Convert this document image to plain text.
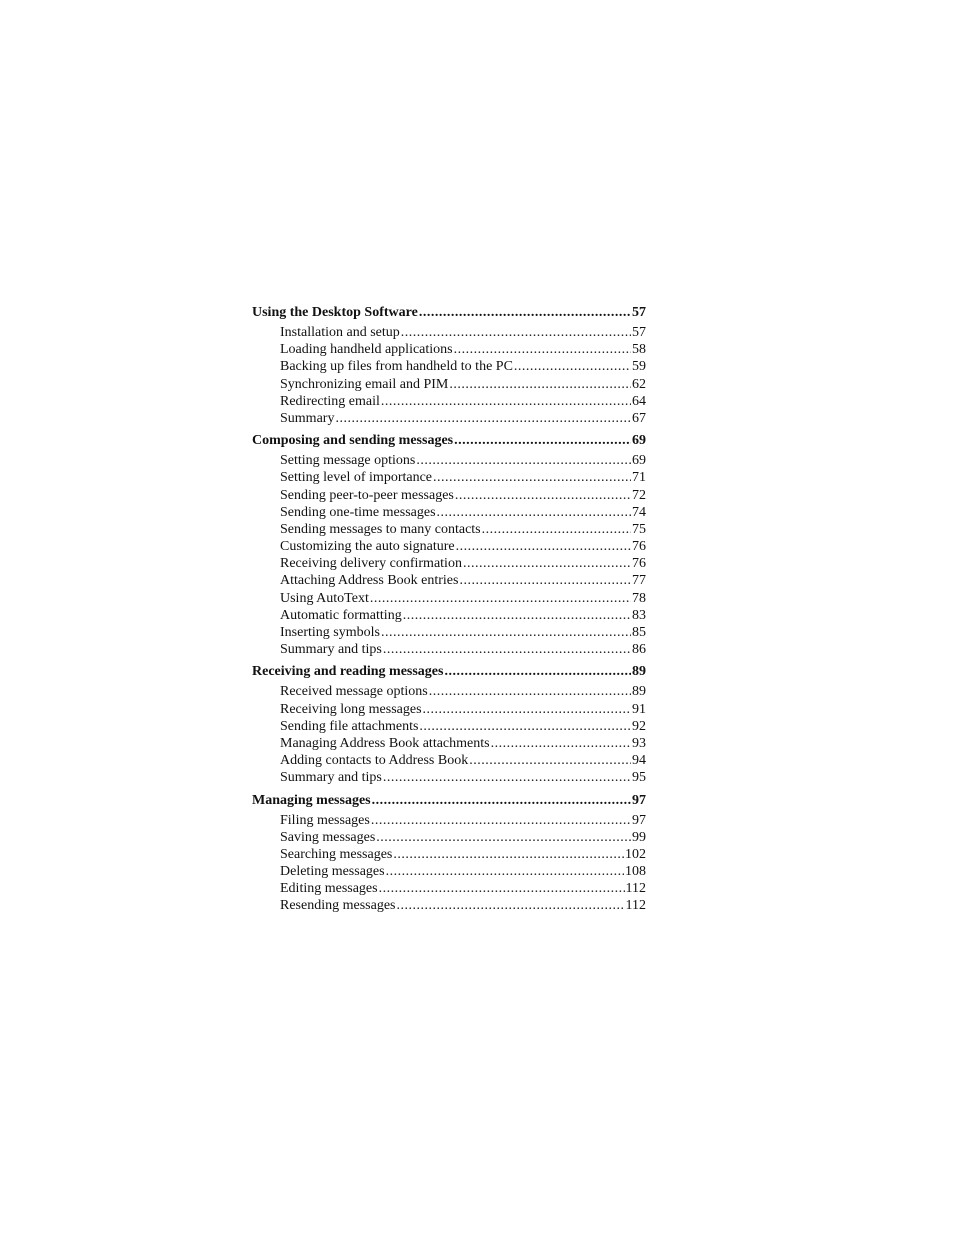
Using the Desktop Software .....	57
Installation and setup .....	57
Loading handheld applications .....	58
Backing up files from handheld to the PC .....	59
Synchronizing email and PIM .....	62
Redirecting email .....	64
Summary .....	67
Composing and sending messages .....	69
Setting message options .....	69
Setting level of importance .....	71
Sending peer-to-peer messages .....	72
Sending one-time messages .....	74
Sending messages to many contacts .....	75
Customizing the auto signature .....	76
Receiving delivery confirmation .....	76
Attaching Address Book entries .....	77
Using AutoText .....	78
Automatic formatting .....	83
Inserting symbols .....	85
Summary and tips .....	86
Receiving and reading messages .....	89
Received message options .....	89
Receiving long messages .....	91
Sending file attachments .....	92
Managing Address Book attachments .....	93
Adding contacts to Address Book .....	94
Summary and tips .....	95
Managing messages .....	97
Filing messages .....	97
Saving messages .....	99
Searching messages .....	102
Deleting messages .....	108
Editing messages .....	112
Resending messages .....	112
